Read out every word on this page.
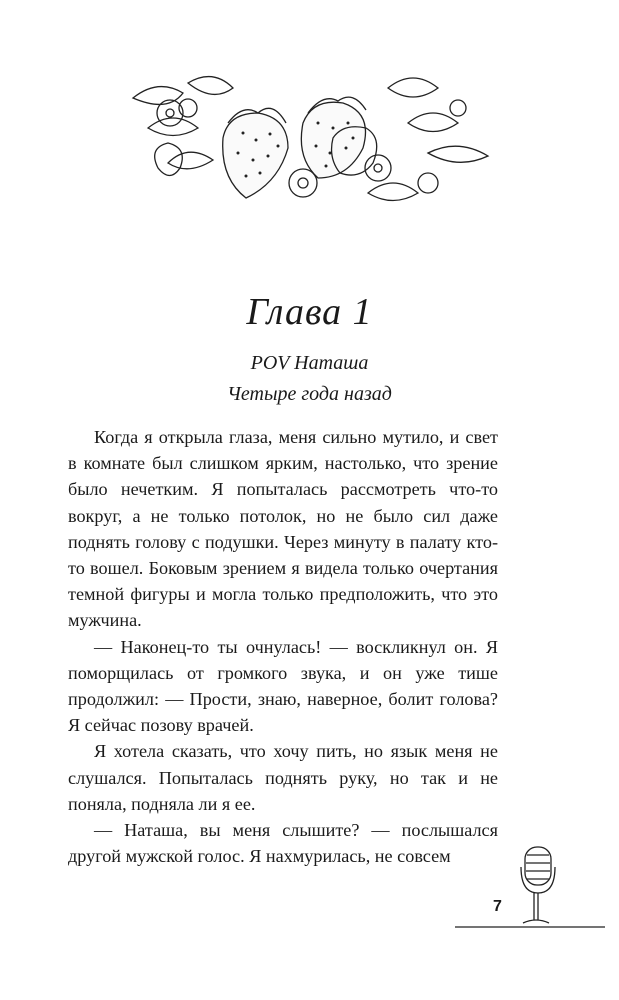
Глава 1
POV Наташа
Четыре года назад

Когда я открыла глаза, меня сильно мутило, и свет в комнате был слишком ярким, настолько, что зрение было нечетким. Я попыталась рассмотреть что-то вокруг, а не только потолок, но не было сил даже поднять голову с подушки. Через минуту в палату кто-то вошел. Боковым зрением я видела только очертания темной фигуры и могла только предположить, что это мужчина.

— Наконец-то ты очнулась! — воскликнул он. Я поморщилась от громкого звука, и он уже тише продолжил: — Прости, знаю, наверное, болит голова? Я сейчас позову врачей.

Я хотела сказать, что хочу пить, но язык меня не слушался. Попыталась поднять руку, но так и не поняла, подняла ли я ее.

— Наташа, вы меня слышите? — послышался другой мужской голос. Я нахмурилась, не совсем

7
